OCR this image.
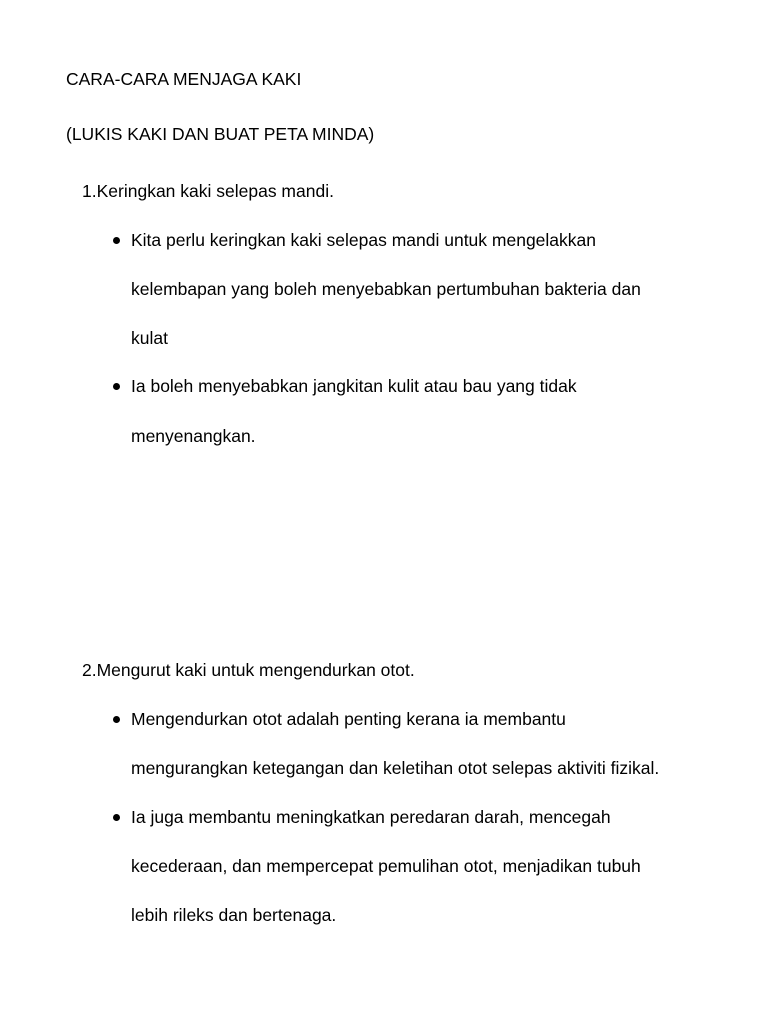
CARA-CARA MENJAGA KAKI
(LUKIS KAKI DAN BUAT PETA MINDA)
1.Keringkan kaki selepas mandi.
Kita perlu keringkan kaki selepas mandi untuk mengelakkan
kelembapan yang boleh menyebabkan pertumbuhan bakteria dan
kulat
Ia boleh menyebabkan jangkitan kulit atau bau yang tidak
menyenangkan.
2.Mengurut kaki untuk mengendurkan otot.
Mengendurkan otot adalah penting kerana ia membantu
mengurangkan ketegangan dan keletihan otot selepas aktiviti fizikal.
Ia juga membantu meningkatkan peredaran darah, mencegah
kecederaan, dan mempercepat pemulihan otot, menjadikan tubuh
lebih rileks dan bertenaga.
